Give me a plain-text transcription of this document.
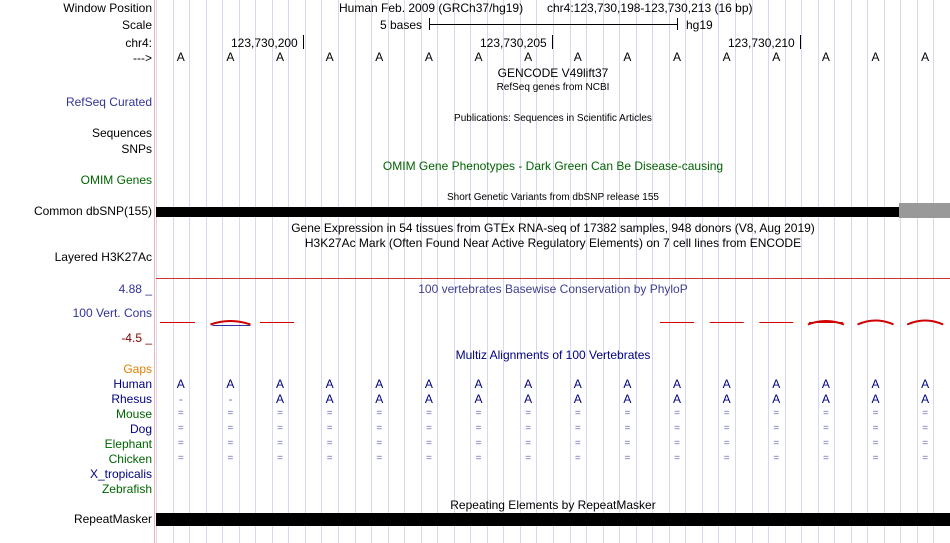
Window Position	Human Feb. 2009 (GRCh37/hg19) chr4:123,730,198-123,730,213 (16 bp)
Scale	5 bases	hg19
chr4:	123,730,200	123,730,205	123,730,210
---> A	A	A	A	A	A	A	A	A	A	A	A	A	A	A	A
GENCODE V49lift37
RefSeq genes from NCBI
RefSeq Curated
Publications: Sequences in Scientific Articles
Sequences
SNPs
OMIM Gene Phenotypes - Dark Green Can Be Disease-causing
OMIM Genes
Short Genetic Variants from dbSNP release 155
Common dbSNP(155)
Gene Expression in 54 tissues from GTEx RNA-seq of 17382 samples, 948 donors (V8, Aug 2019)
H3K27Ac Mark (Often Found Near Active Regulatory Elements) on 7 cell lines from ENCODE
Layered H3K27Ac
100 vertebrates Basewise Conservation by PhyloP
4.88 _
100 Vert. Cons
-4.5 _
Multiz Alignments of 100 Vertebrates
Gaps
Human A	A	A	A	A	A	A	A	A	A	A	A	A	A	A	A
Rhesus	-	-	A	A	A	A	A	A	A	A	A	A	A	A	A	A
Mouse	=	=	=	=	=	=	=	=	=	=	=	=	=	=	=	=
Dog	=	=	=	=	=	=	=	=	=	=	=	=	=	=	=	=
Elephant	=	=	=	=	=	=	=	=	=	=	=	=	=	=	=	=
Chicken	=	=	=	=	=	=	=	=	=	=	=	=	=	=	=	=
X_tropicalis
Zebrafish
Repeating Elements by RepeatMasker
RepeatMasker
